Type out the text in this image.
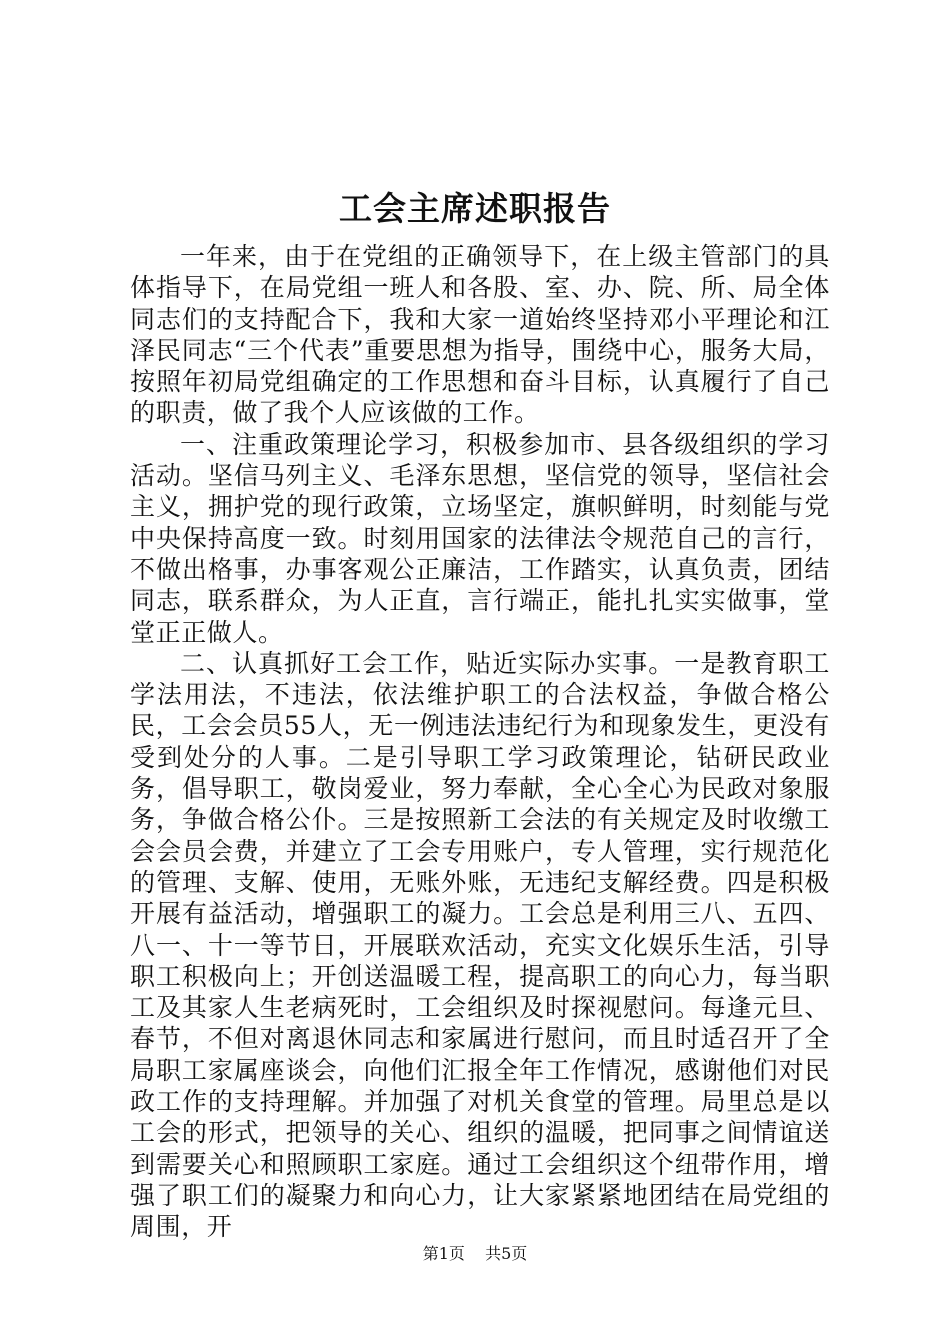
工会主席述职报告

一年来，由于在党组的正确领导下，在上级主管部门的具体指导下，在局党组一班人和各股、室、办、院、所、局全体同志们的支持配合下，我和大家一道始终坚持邓小平理论和江泽民同志“三个代表”重要思想为指导，围绕中心，服务大局，按照年初局党组确定的工作思想和奋斗目标，认真履行了自己的职责，做了我个人应该做的工作。

一、注重政策理论学习，积极参加市、县各级组织的学习活动。坚信马列主义、毛泽东思想，坚信党的领导，坚信社会主义，拥护党的现行政策，立场坚定，旗帜鲜明，时刻能与党中央保持高度一致。时刻用国家的法律法令规范自己的言行，不做出格事，办事客观公正廉洁，工作踏实，认真负责，团结同志，联系群众，为人正直，言行端正，能扎扎实实做事，堂堂正正做人。

二、认真抓好工会工作，贴近实际办实事。一是教育职工学法用法，不违法，依法维护职工的合法权益，争做合格公民，工会会员55人，无一例违法违纪行为和现象发生，更没有受到处分的人事。二是引导职工学习政策理论，钻研民政业务，倡导职工，敬岗爱业，努力奉献，全心全心为民政对象服务，争做合格公仆。三是按照新工会法的有关规定及时收缴工会会员会费，并建立了工会专用账户，专人管理，实行规范化的管理、支解、使用，无账外账，无违纪支解经费。四是积极开展有益活动，增强职工的凝力。工会总是利用三八、五四、八一、十一等节日，开展联欢活动，充实文化娱乐生活，引导职工积极向上；开创送温暖工程，提高职工的向心力，每当职工及其家人生老病死时，工会组织及时探视慰问。每逢元旦、春节，不但对离退休同志和家属进行慰问，而且时适召开了全局职工家属座谈会，向他们汇报全年工作情况，感谢他们对民政工作的支持理解。并加强了对机关食堂的管理。局里总是以工会的形式，把领导的关心、组织的温暖，把同事之间情谊送到需要关心和照顾职工家庭。通过工会组织这个纽带作用，增强了职工们的凝聚力和向心力，让大家紧紧地团结在局党组的周围，开

第1页 共5页
